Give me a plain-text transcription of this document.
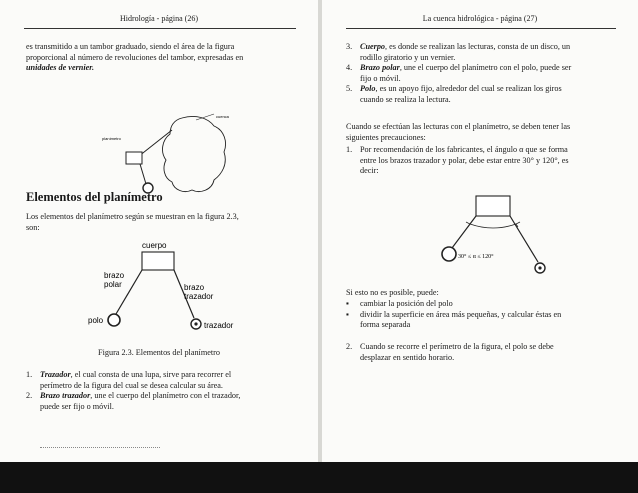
Hidrología - página (26)

es transmitido a un tambor graduado, siendo el área de la figura

proporcional al número de revoluciones del tambor, expresadas en

unidades de vernier.

cuenca
planímetro
Elementos del planímetro

Los elementos del planímetro según se muestran en la figura 2.3,

son:

cuerpo
brazo
polar	brazo
trazador
polo
trazador
Figura 2.3. Elementos del planímetro
1. Trazador, el cual consta de una lupa, sirve para recorrer el
perímetro de la figura del cual se desea calcular su área.
2. Brazo trazador, une el cuerpo del planímetro con el trazador,
puede ser fijo o móvil.
La cuenca hidrológica - página (27)
3. Cuerpo, es donde se realizan las lecturas, consta de un disco, un
rodillo giratorio y un vernier.
4. Brazo polar, une el cuerpo del planímetro con el polo, puede ser
fijo o móvil.
5. Polo, es un apoyo fijo, alrededor del cual se realizan los giros
cuando se realiza la lectura.

Cuando se efectúan las lecturas con el planímetro, se deben tener las

siguientes precauciones:

1. Por recomendación de los fabricantes, el ángulo α que se forma
entre los brazos trazador y polar, debe estar entre 30° y 120°, es
decir:
30° ≤ α ≤ 120°
Si esto no es posible, puede:
▪ cambiar la posición del polo
▪ dividir la superficie en área más pequeñas, y calcular éstas en
forma separada
2. Cuando se recorre el perímetro de la figura, el polo se debe
desplazar en sentido horario.
